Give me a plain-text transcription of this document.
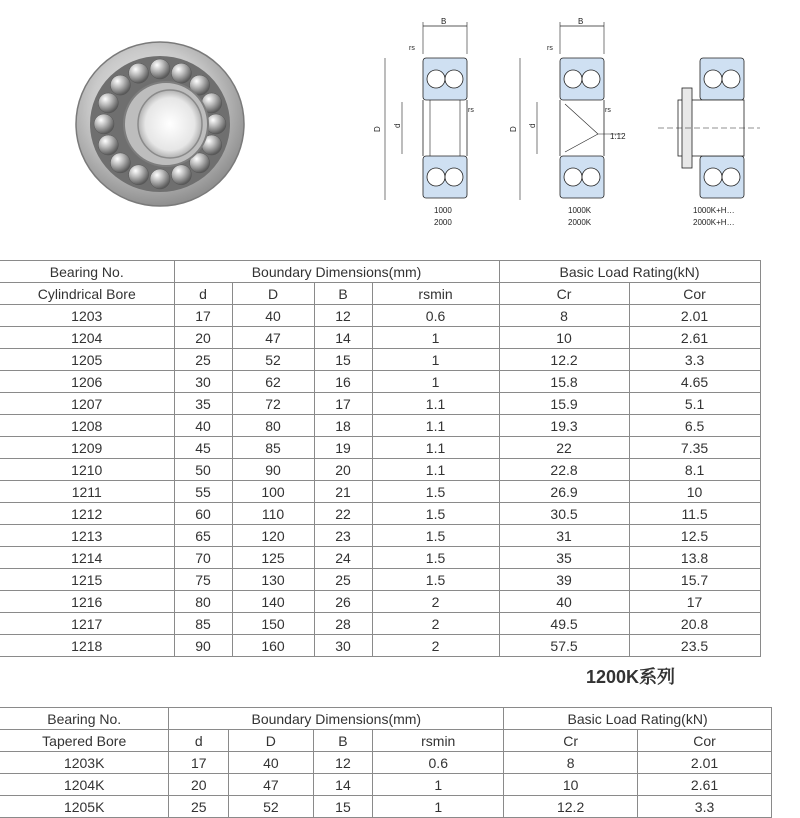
B
rs
rs
D
d
1000
2000
B
rs
rs
D
d
1:12
1000K
2000K
1000K+H…
2000K+H…
Bearing No.	Boundary Dimensions(mm)				Basic Load Rating(kN)	
Cylindrical Bore	d	D	B	rsmin	Cr	Cor
1203	17	40	12	0.6	8	2.01
1204	20	47	14	1	10	2.61
1205	25	52	15	1	12.2	3.3
1206	30	62	16	1	15.8	4.65
1207	35	72	17	1.1	15.9	5.1
1208	40	80	18	1.1	19.3	6.5
1209	45	85	19	1.1	22	7.35
1210	50	90	20	1.1	22.8	8.1
1211	55	100	21	1.5	26.9	10
1212	60	110	22	1.5	30.5	11.5
1213	65	120	23	1.5	31	12.5
1214	70	125	24	1.5	35	13.8
1215	75	130	25	1.5	39	15.7
1216	80	140	26	2	40	17
1217	85	150	28	2	49.5	20.8
1218	90	160	30	2	57.5	23.5
1200K系列
Bearing No.	Boundary Dimensions(mm)				Basic Load Rating(kN)	
Tapered Bore	d	D	B	rsmin	Cr	Cor
1203K	17	40	12	0.6	8	2.01
1204K	20	47	14	1	10	2.61
1205K	25	52	15	1	12.2	3.3
